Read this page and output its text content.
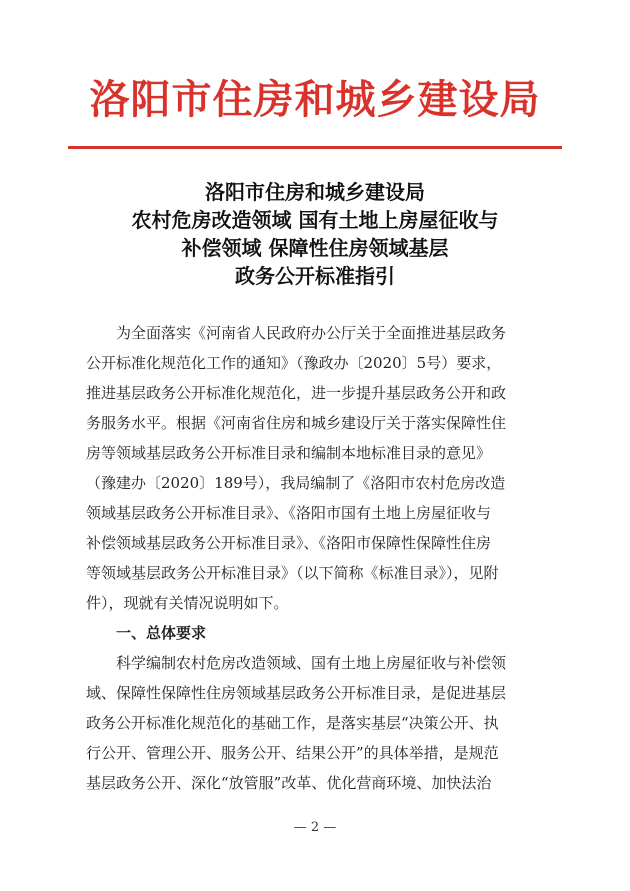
洛阳市住房和城乡建设局
洛阳市住房和城乡建设局
农村危房改造领域 国有土地上房屋征收与
补偿领域 保障性住房领域基层
政务公开标准指引
为全面落实《河南省人民政府办公厅关于全面推进基层政务
公开标准化规范化工作的通知》（豫政办〔2020〕5号）要求，
推进基层政务公开标准化规范化，进一步提升基层政务公开和政
务服务水平。根据《河南省住房和城乡建设厅关于落实保障性住
房等领域基层政务公开标准目录和编制本地标准目录的意见》
（豫建办〔2020〕189号），我局编制了《洛阳市农村危房改造
领域基层政务公开标准目录》、《洛阳市国有土地上房屋征收与
补偿领域基层政务公开标准目录》、《洛阳市保障性保障性住房
等领域基层政务公开标准目录》（以下简称《标准目录》），见附
件），现就有关情况说明如下。
一、总体要求
科学编制农村危房改造领域、国有土地上房屋征收与补偿领
域、保障性保障性住房领域基层政务公开标准目录，是促进基层
政务公开标准化规范化的基础工作，是落实基层“决策公开、执
行公开、管理公开、服务公开、结果公开”的具体举措，是规范
基层政务公开、深化“放管服”改革、优化营商环境、加快法治
— 2 —
